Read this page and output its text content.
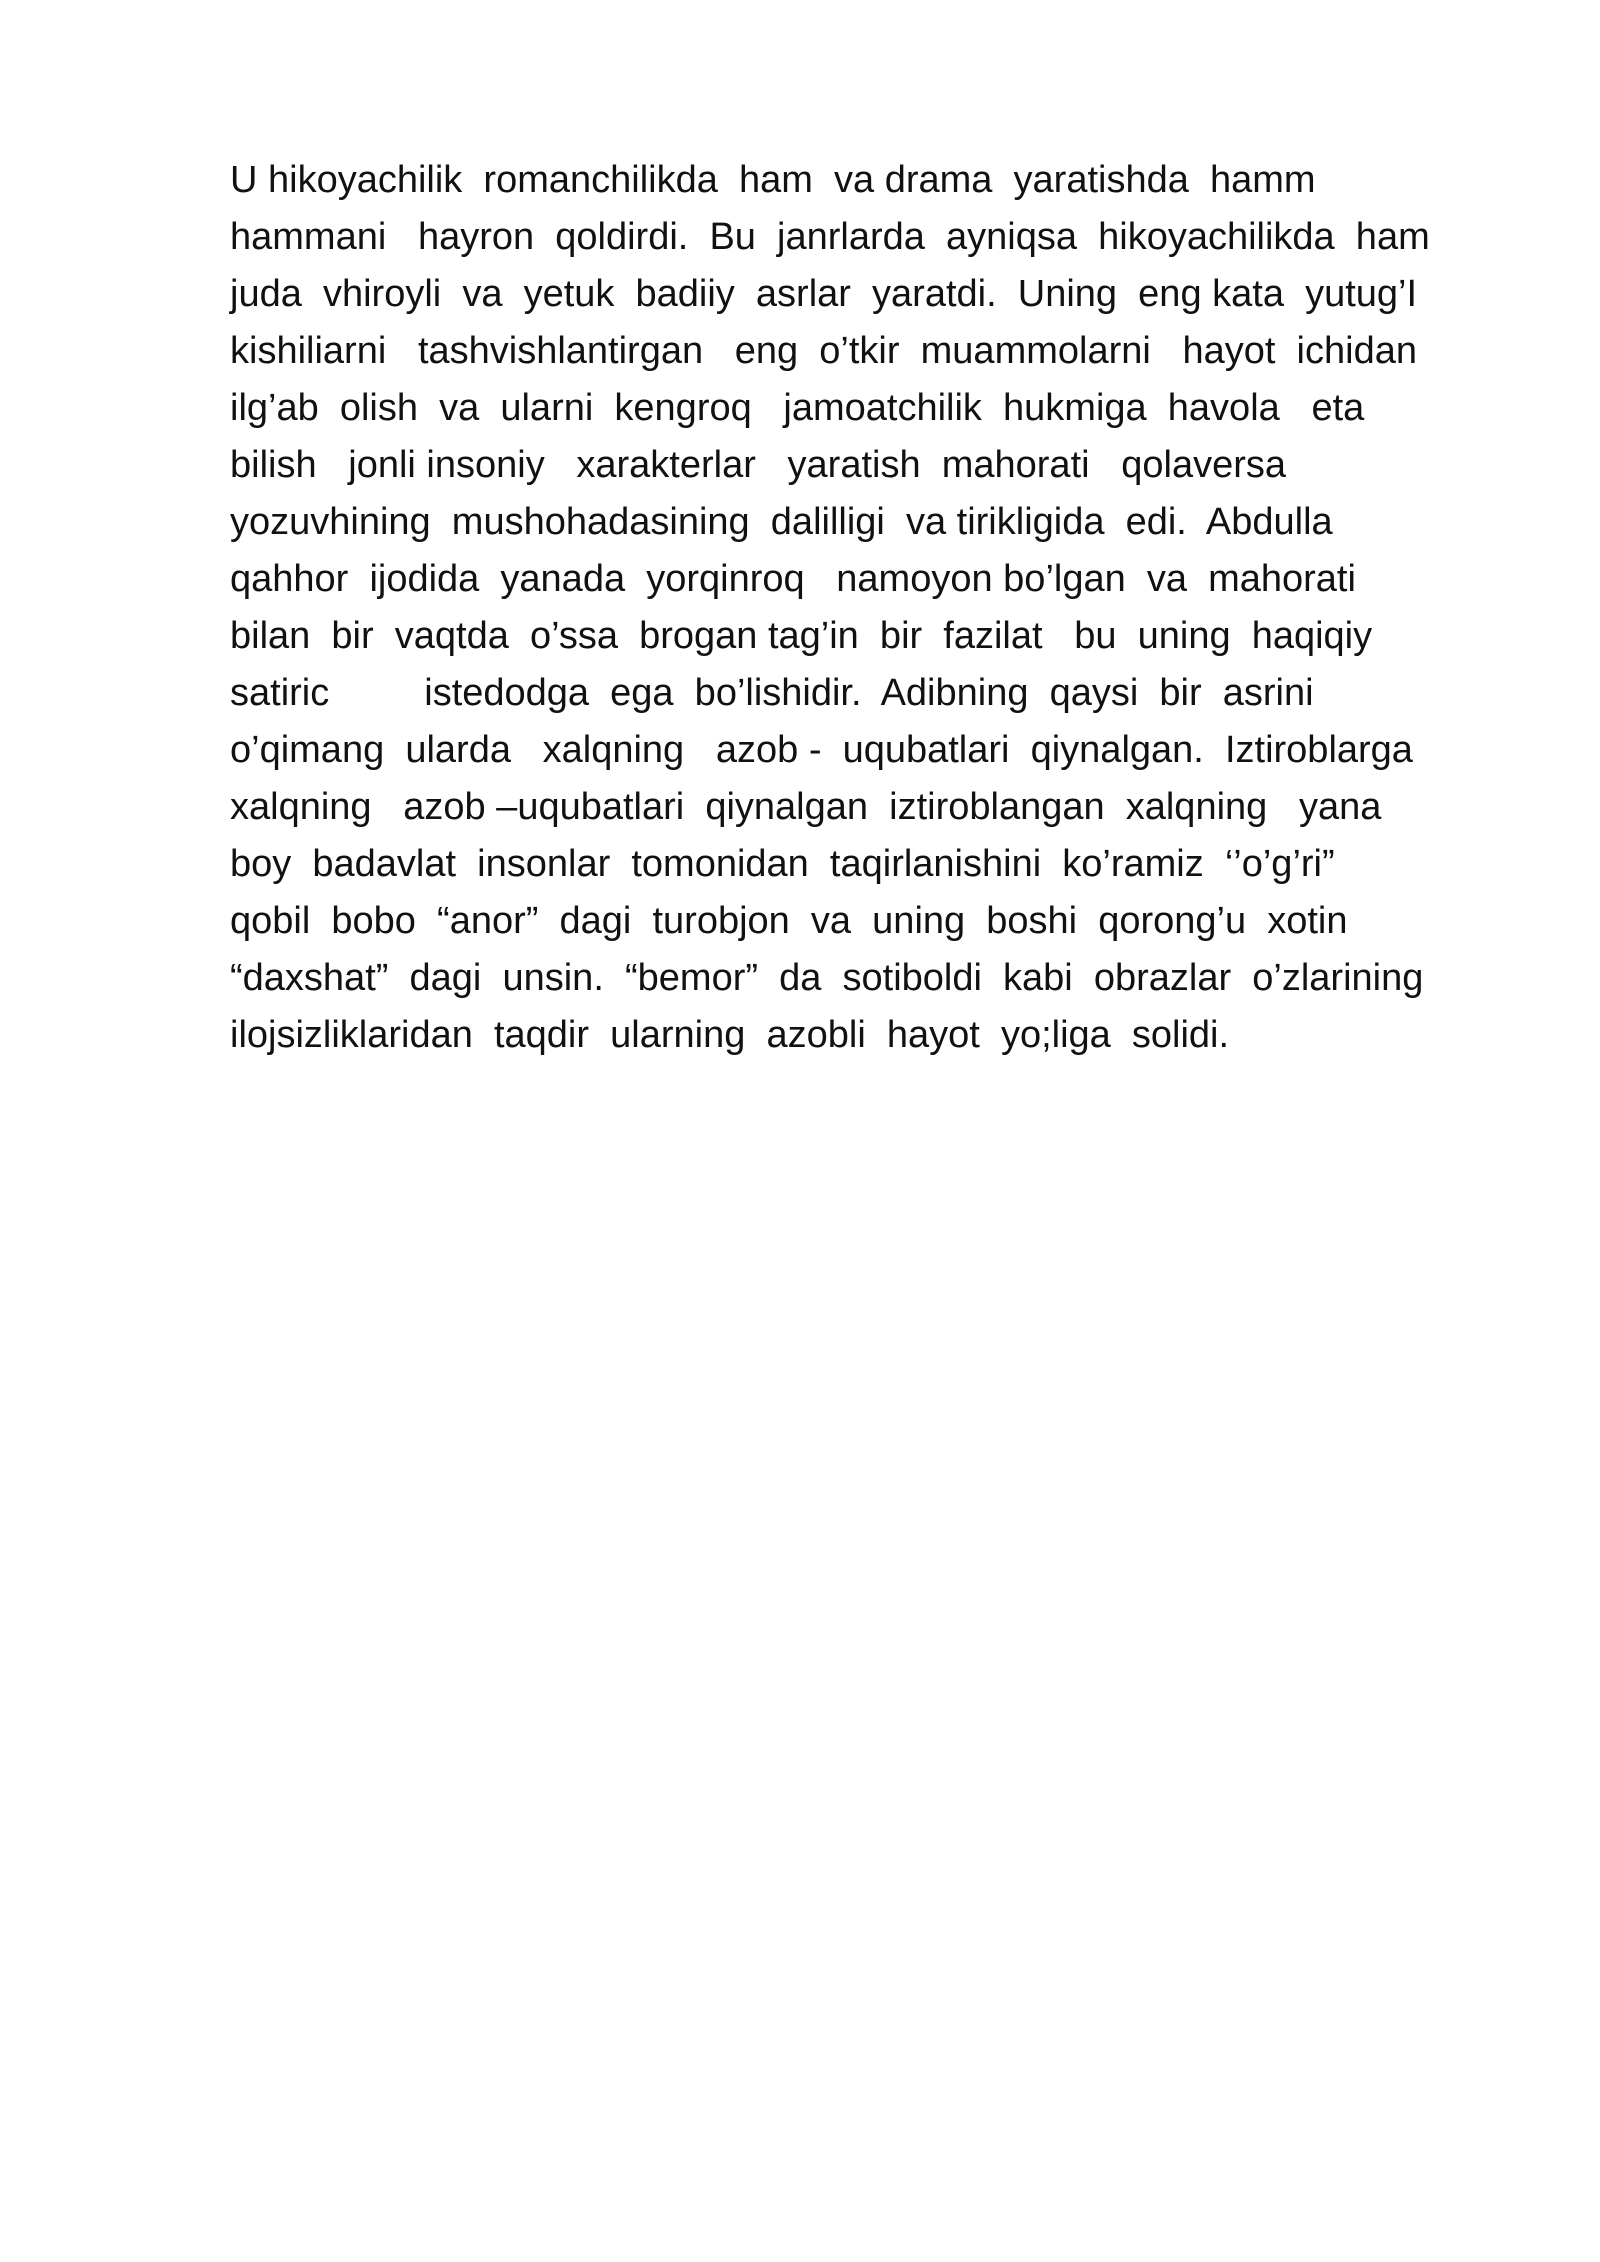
U hikoyachilik  romanchilikda  ham  va drama  yaratishda  hamm
hammani   hayron  qoldirdi.  Bu  janrlarda  ayniqsa  hikoyachilikda  ham
juda  vhiroyli  va  yetuk  badiiy  asrlar  yaratdi.  Uning  eng kata  yutug’I
kishiliarni   tashvishlantirgan   eng  o’tkir  muammolarni   hayot  ichidan
ilg’ab  olish  va  ularni  kengroq   jamoatchilik  hukmiga  havola   eta
bilish   jonli insoniy   xarakterlar   yaratish  mahorati   qolaversa
yozuvhining  mushohadasining  dalilligi  va tirikligida  edi.  Abdulla
qahhor  ijodida  yanada  yorqinroq   namoyon bo’lgan  va  mahorati
bilan  bir  vaqtda  o’ssa  brogan tag’in  bir  fazilat   bu  uning  haqiqiy
satiric         istedodga  ega  bo’lishidir.  Adibning  qaysi  bir  asrini
o’qimang  ularda   xalqning   azob -  uqubatlari  qiynalgan.  Iztiroblarga
xalqning   azob –uqubatlari  qiynalgan  iztiroblangan  xalqning   yana
boy  badavlat  insonlar  tomonidan  taqirlanishini  ko’ramiz  ‘’o’g’ri”
qobil  bobo  “anor”  dagi  turobjon  va  uning  boshi  qorong’u  xotin
“daxshat”  dagi  unsin.  “bemor”  da  sotiboldi  kabi  obrazlar  o’zlarining
ilojsizliklaridan  taqdir  ularning  azobli  hayot  yo;liga  solidi.
